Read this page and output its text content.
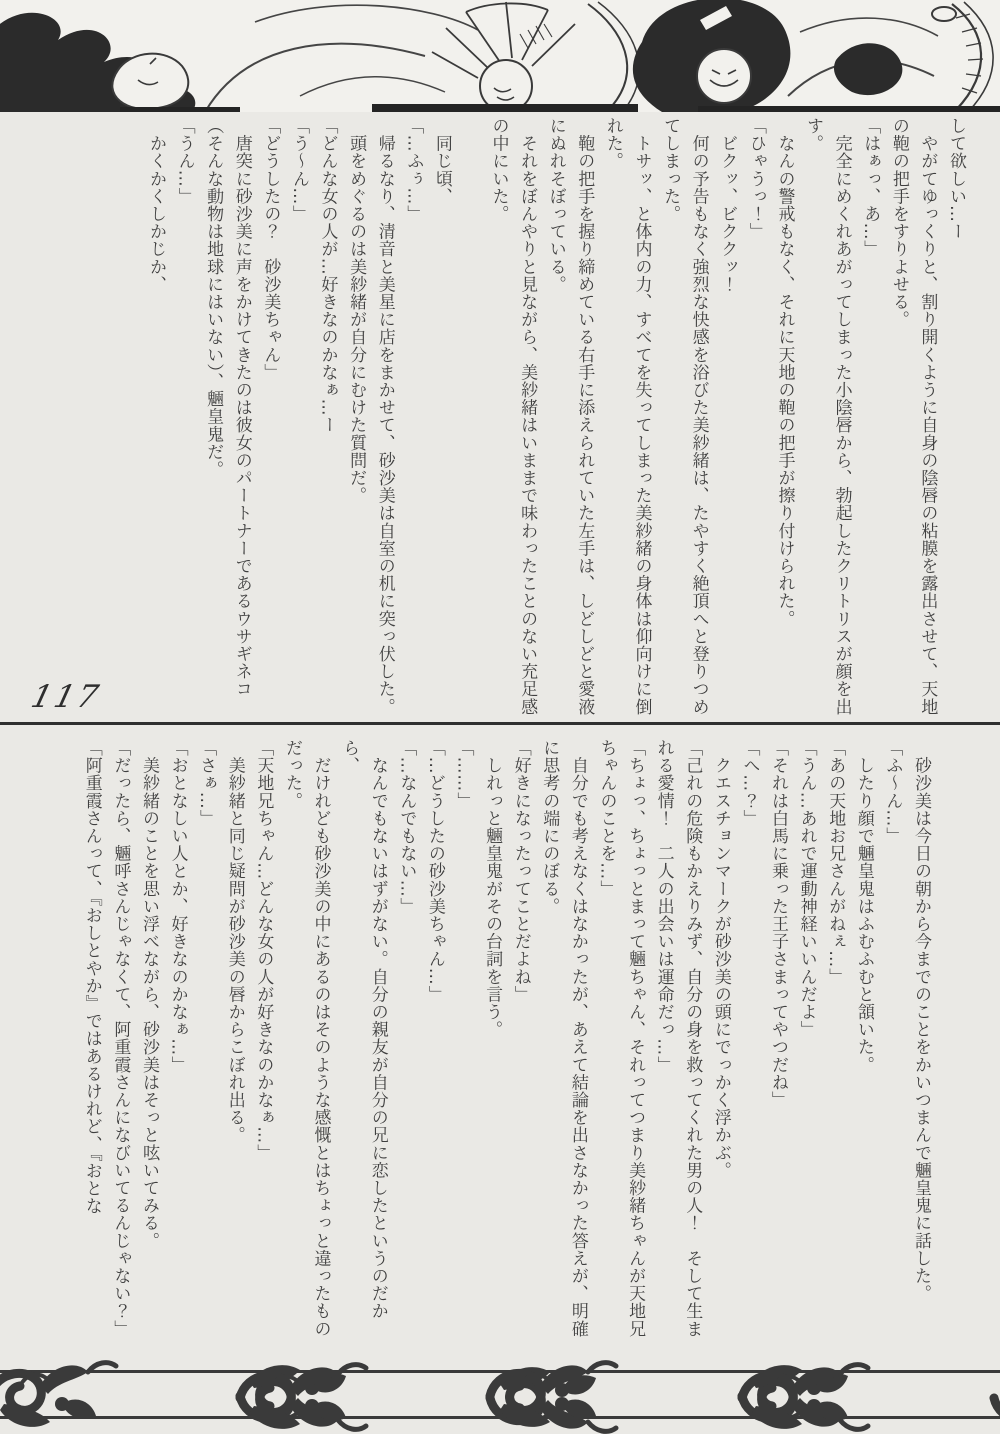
して欲しい…ー

　やがてゆっくりと、割り開くように自身の陰唇の粘膜を露出させて、天地の鞄の把手をすりよせる。

「はぁっ、あ…」

　完全にめくれあがってしまった小陰唇から、勃起したクリトリスが顔を出す。

　なんの警戒もなく、それに天地の鞄の把手が擦り付けられた。

「ひゃうっ！」

　ビクッ、ビククッ！

　何の予告もなく強烈な快感を浴びた美紗緒は、たやすく絶頂へと登りつめてしまった。

　トサッ、と体内の力、すべてを失ってしまった美紗緒の身体は仰向けに倒れた。

　鞄の把手を握り締めている右手に添えられていた左手は、しどしどと愛液にぬれそぼっている。

　それをぼんやりと見ながら、美紗緒はいままで味わったことのない充足感の中にいた。

　同じ頃、

「…ふぅ…」

　帰るなり、清音と美星に店をまかせて、砂沙美は自室の机に突っ伏した。

　頭をめぐるのは美紗緒が自分にむけた質問だ。

「どんな女の人が…好きなのかなぁ…ー

「う〜ん…」

「どうしたの？　砂沙美ちゃん」

　唐突に砂沙美に声をかけてきたのは彼女のパートナーであるウサギネコ（そんな動物は地球にはいない）、魎皇鬼だ。

「うん…」

　かくかくしかじか、

117

　砂沙美は今日の朝から今までのことをかいつまんで魎皇鬼に話した。

「ふ〜ん…」

　したり顔で魎皇鬼はふむふむと頷いた。

「あの天地お兄さんがねぇ…」

「うん…あれで運動神経いいんだよ」

「それは白馬に乗った王子さまってやつだね」

「へ…？」

　クエスチョンマークが砂沙美の頭にでっかく浮かぶ。

「己れの危険もかえりみず、自分の身を救ってくれた男の人！　そして生まれる愛情！　二人の出会いは運命だっ…」

「ちょっ、ちょっとまって魎ちゃん、それってつまり美紗緒ちゃんが天地兄ちゃんのことを…」

　自分でも考えなくはなかったが、あえて結論を出さなかった答えが、明確に思考の端にのぼる。

「好きになったってことだよね」

　しれっと魎皇鬼がその台詞を言う。

「……」

「…どうしたの砂沙美ちゃん…」

「…なんでもない…」

　なんでもないはずがない。自分の親友が自分の兄に恋したというのだから、

　だけれども砂沙美の中にあるのはそのような感慨とはちょっと違ったものだった。

「天地兄ちゃん…どんな女の人が好きなのかなぁ…」

　美紗緒と同じ疑問が砂沙美の唇からこぼれ出る。

「さぁ…」

「おとなしい人とか、好きなのかなぁ…」

　美紗緒のことを思い浮べながら、砂沙美はそっと呟いてみる。

「だったら、魎呼さんじゃなくて、阿重霞さんになびいてるんじゃない？」

「阿重霞さんって、『おしとやか』ではあるけれど、『おとな
